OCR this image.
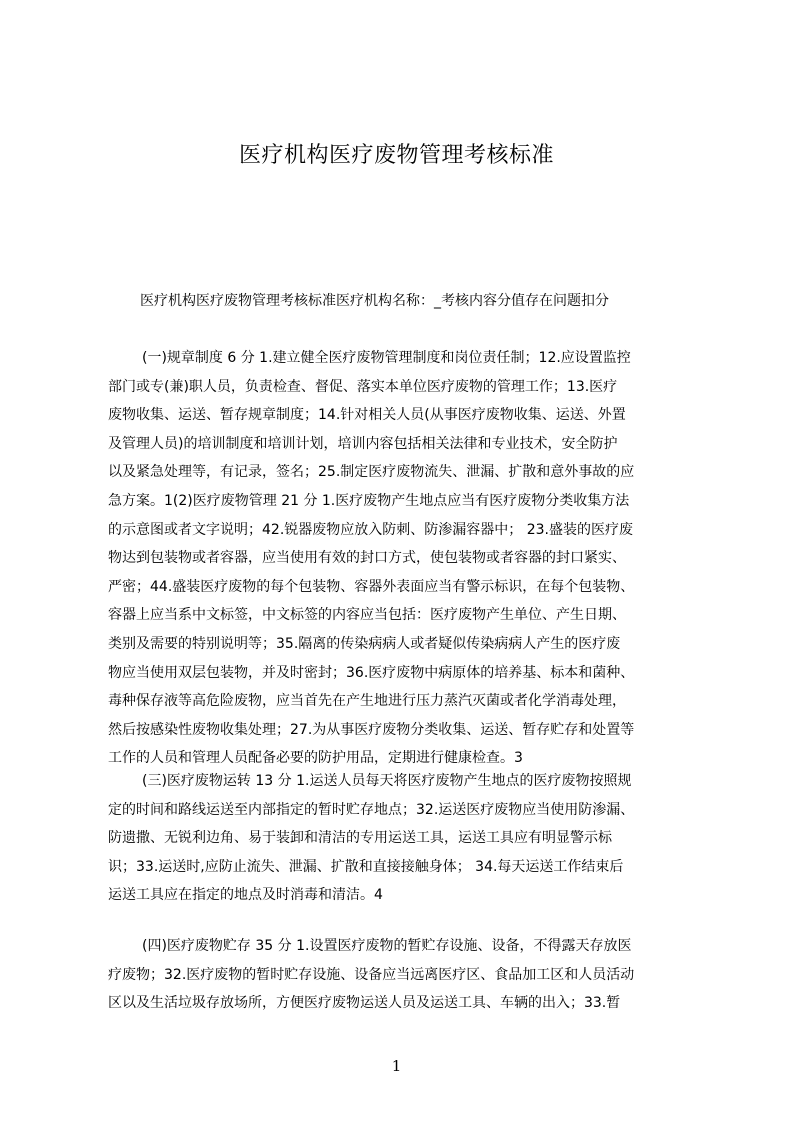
医疗机构医疗废物管理考核标准
医疗机构医疗废物管理考核标准医疗机构名称：_考核内容分值存在问题扣分
(一)规章制度 6 分 1.建立健全医疗废物管理制度和岗位责任制；12.应设置监控
部门或专(兼)职人员，负责检查、督促、落实本单位医疗废物的管理工作；13.医疗
废物收集、运送、暂存规章制度；14.针对相关人员(从事医疗废物收集、运送、外置
及管理人员)的培训制度和培训计划，培训内容包括相关法律和专业技术，安全防护
以及紧急处理等，有记录，签名；25.制定医疗废物流失、泄漏、扩散和意外事故的应
急方案。1(2)医疗废物管理 21 分 1.医疗废物产生地点应当有医疗废物分类收集方法
的示意图或者文字说明；42.锐器废物应放入防刺、防渗漏容器中； 23.盛装的医疗废
物达到包装物或者容器，应当使用有效的封口方式，使包装物或者容器的封口紧实、
严密；44.盛装医疗废物的每个包装物、容器外表面应当有警示标识，在每个包装物、
容器上应当系中文标签，中文标签的内容应当包括：医疗废物产生单位、产生日期、
类别及需要的特别说明等；35.隔离的传染病病人或者疑似传染病病人产生的医疗废
物应当使用双层包装物，并及时密封；36.医疗废物中病原体的培养基、标本和菌种、
毒种保存液等高危险废物，应当首先在产生地进行压力蒸汽灭菌或者化学消毒处理，
然后按感染性废物收集处理；27.为从事医疗废物分类收集、运送、暂存贮存和处置等
工作的人员和管理人员配备必要的防护用品，定期进行健康检查。3
(三)医疗废物运转 13 分 1.运送人员每天将医疗废物产生地点的医疗废物按照规
定的时间和路线运送至内部指定的暂时贮存地点；32.运送医疗废物应当使用防渗漏、
防遗撒、无锐利边角、易于装卸和清洁的专用运送工具，运送工具应有明显警示标
识；33.运送时,应防止流失、泄漏、扩散和直接接触身体； 34.每天运送工作结束后
运送工具应在指定的地点及时消毒和清洁。4
(四)医疗废物贮存 35 分 1.设置医疗废物的暂贮存设施、设备，不得露天存放医
疗废物；32.医疗废物的暂时贮存设施、设备应当远离医疗区、食品加工区和人员活动
区以及生活垃圾存放场所，方便医疗废物运送人员及运送工具、车辆的出入；33.暂
1
